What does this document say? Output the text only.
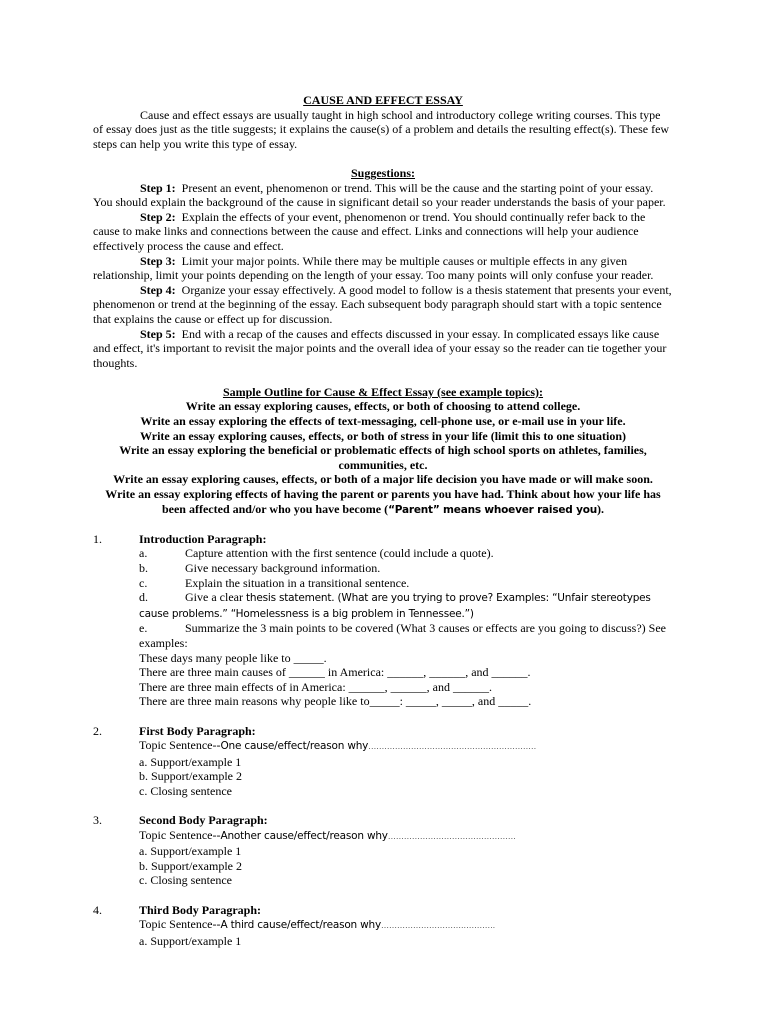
CAUSE AND EFFECT ESSAY

Cause and effect essays are usually taught in high school and introductory college writing courses. This type of essay does just as the title suggests; it explains the cause(s) of a problem and details the resulting effect(s). These few steps can help you write this type of essay.

Suggestions:

Step 1: Present an event, phenomenon or trend. This will be the cause and the starting point of your essay. You should explain the background of the cause in significant detail so your reader understands the basis of your paper.

Step 2: Explain the effects of your event, phenomenon or trend. You should continually refer back to the cause to make links and connections between the cause and effect. Links and connections will help your audience effectively process the cause and effect.

Step 3: Limit your major points. While there may be multiple causes or multiple effects in any given relationship, limit your points depending on the length of your essay. Too many points will only confuse your reader.

Step 4: Organize your essay effectively. A good model to follow is a thesis statement that presents your event, phenomenon or trend at the beginning of the essay. Each subsequent body paragraph should start with a topic sentence that explains the cause or effect up for discussion.

Step 5: End with a recap of the causes and effects discussed in your essay. In complicated essays like cause and effect, it's important to revisit the major points and the overall idea of your essay so the reader can tie together your thoughts.

Sample Outline for Cause & Effect Essay (see example topics):

Write an essay exploring causes, effects, or both of choosing to attend college.

Write an essay exploring the effects of text-messaging, cell-phone use, or e-mail use in your life.

Write an essay exploring causes, effects, or both of stress in your life (limit this to one situation)

Write an essay exploring the beneficial or problematic effects of high school sports on athletes, families, communities, etc.

Write an essay exploring causes, effects, or both of a major life decision you have made or will make soon.

Write an essay exploring effects of having the parent or parents you have had. Think about how your life has been affected and/or who you have become (“Parent” means whoever raised you).

1.	Introduction Paragraph:
a.	Capture attention with the first sentence (could include a quote).
b.	Give necessary background information.
c.	Explain the situation in a transitional sentence.
d.	Give a clear thesis statement. (What are you trying to prove? Examples: “Unfair stereotypes cause problems.” “Homelessness is a big problem in Tennessee.”)
e.	Summarize the 3 main points to be covered (What 3 causes or effects are you going to discuss?) See examples:
These days many people like to _____.
There are three main causes of ______ in America: ______, ______, and ______.
There are three main effects of in America: ______, ______, and ______.
There are three main reasons why people like to_____: _____, _____, and _____.
2.	First Body Paragraph:
Topic Sentence--One cause/effect/reason why………………………………………………………
a. Support/example 1
b. Support/example 2
c. Closing sentence
3.	Second Body Paragraph:
Topic Sentence--Another cause/effect/reason why…………………………………………
a. Support/example 1
b. Support/example 2
c. Closing sentence
4.	Third Body Paragraph:
Topic Sentence--A third cause/effect/reason why…………………………..………..
a. Support/example 1
